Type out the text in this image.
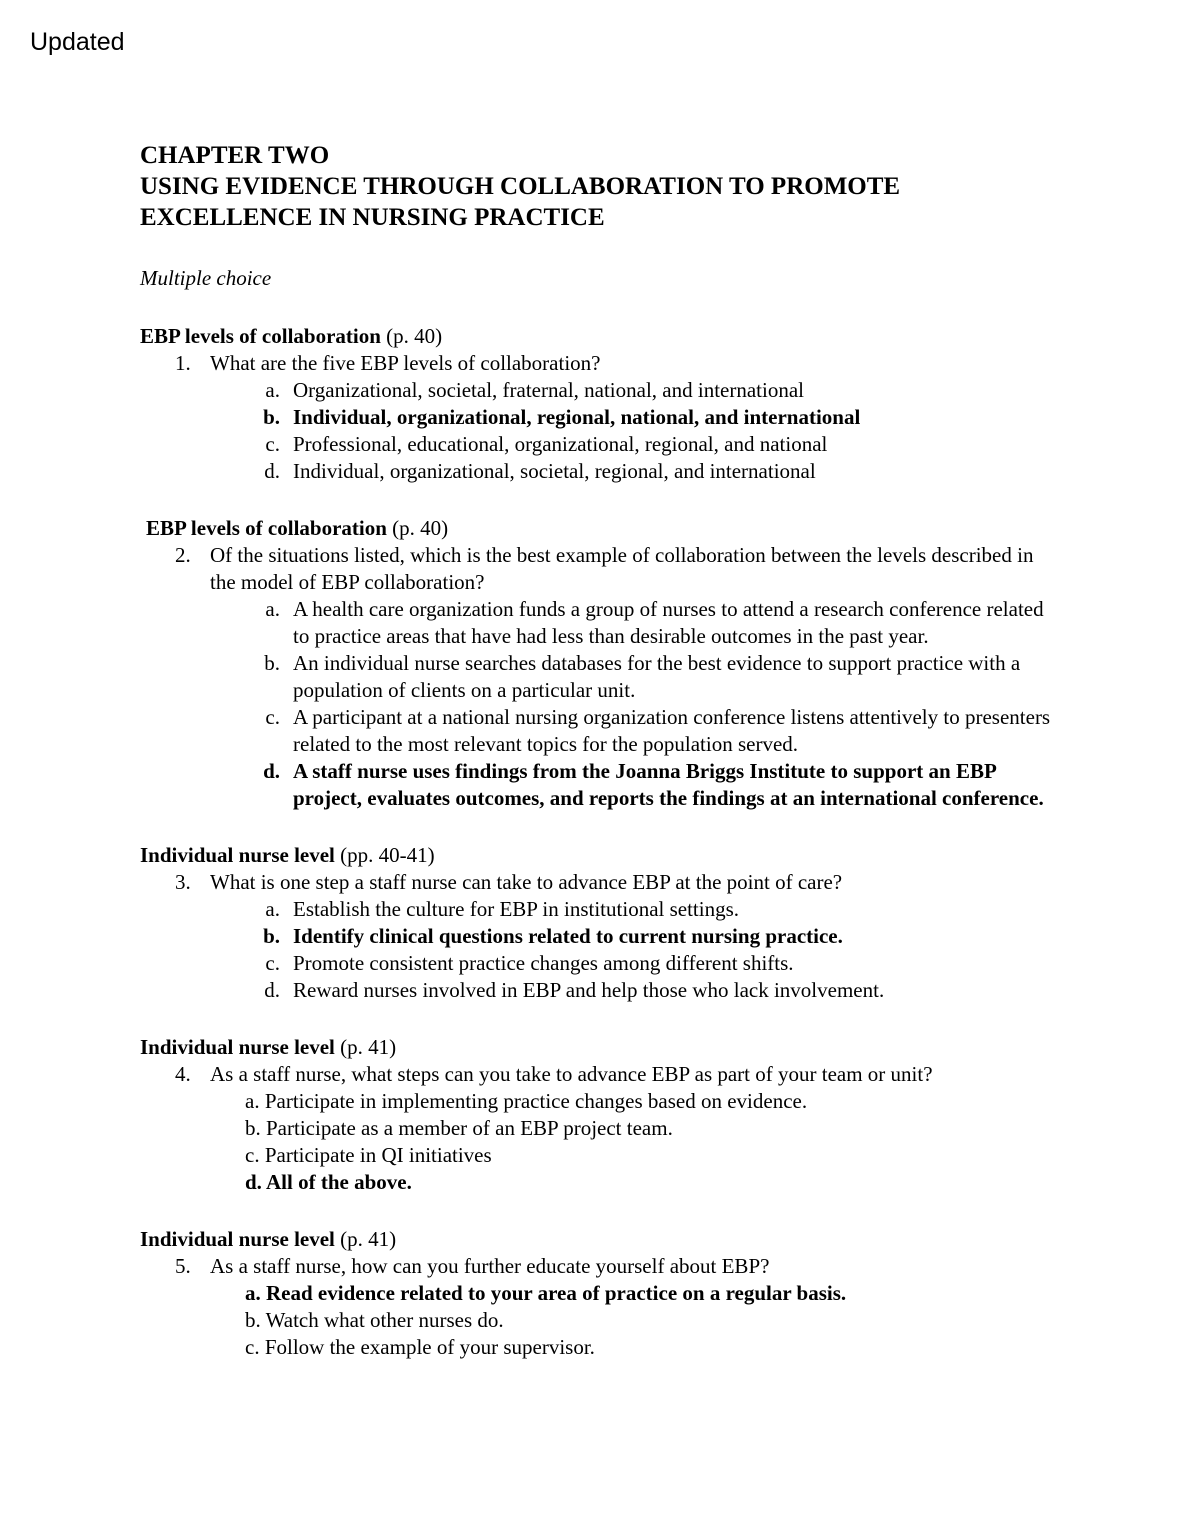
Updated
CHAPTER TWO
USING EVIDENCE THROUGH COLLABORATION TO PROMOTE
EXCELLENCE IN NURSING PRACTICE
Multiple choice
EBP levels of collaboration (p. 40)
1. What are the five EBP levels of collaboration?
a. Organizational, societal, fraternal, national, and international
b. Individual, organizational, regional, national, and international
c. Professional, educational, organizational, regional, and national
d. Individual, organizational, societal, regional, and international
EBP levels of collaboration (p. 40)
2. Of the situations listed, which is the best example of collaboration between the levels described in the model of EBP collaboration?
a. A health care organization funds a group of nurses to attend a research conference related to practice areas that have had less than desirable outcomes in the past year.
b. An individual nurse searches databases for the best evidence to support practice with a population of clients on a particular unit.
c. A participant at a national nursing organization conference listens attentively to presenters related to the most relevant topics for the population served.
d. A staff nurse uses findings from the Joanna Briggs Institute to support an EBP project, evaluates outcomes, and reports the findings at an international conference.
Individual nurse level (pp. 40-41)
3. What is one step a staff nurse can take to advance EBP at the point of care?
a. Establish the culture for EBP in institutional settings.
b. Identify clinical questions related to current nursing practice.
c. Promote consistent practice changes among different shifts.
d. Reward nurses involved in EBP and help those who lack involvement.
Individual nurse level (p. 41)
4. As a staff nurse, what steps can you take to advance EBP as part of your team or unit?
a. Participate in implementing practice changes based on evidence.
b. Participate as a member of an EBP project team.
c. Participate in QI initiatives
d. All of the above.
Individual nurse level (p. 41)
5. As a staff nurse, how can you further educate yourself about EBP?
a. Read evidence related to your area of practice on a regular basis.
b. Watch what other nurses do.
c. Follow the example of your supervisor.
